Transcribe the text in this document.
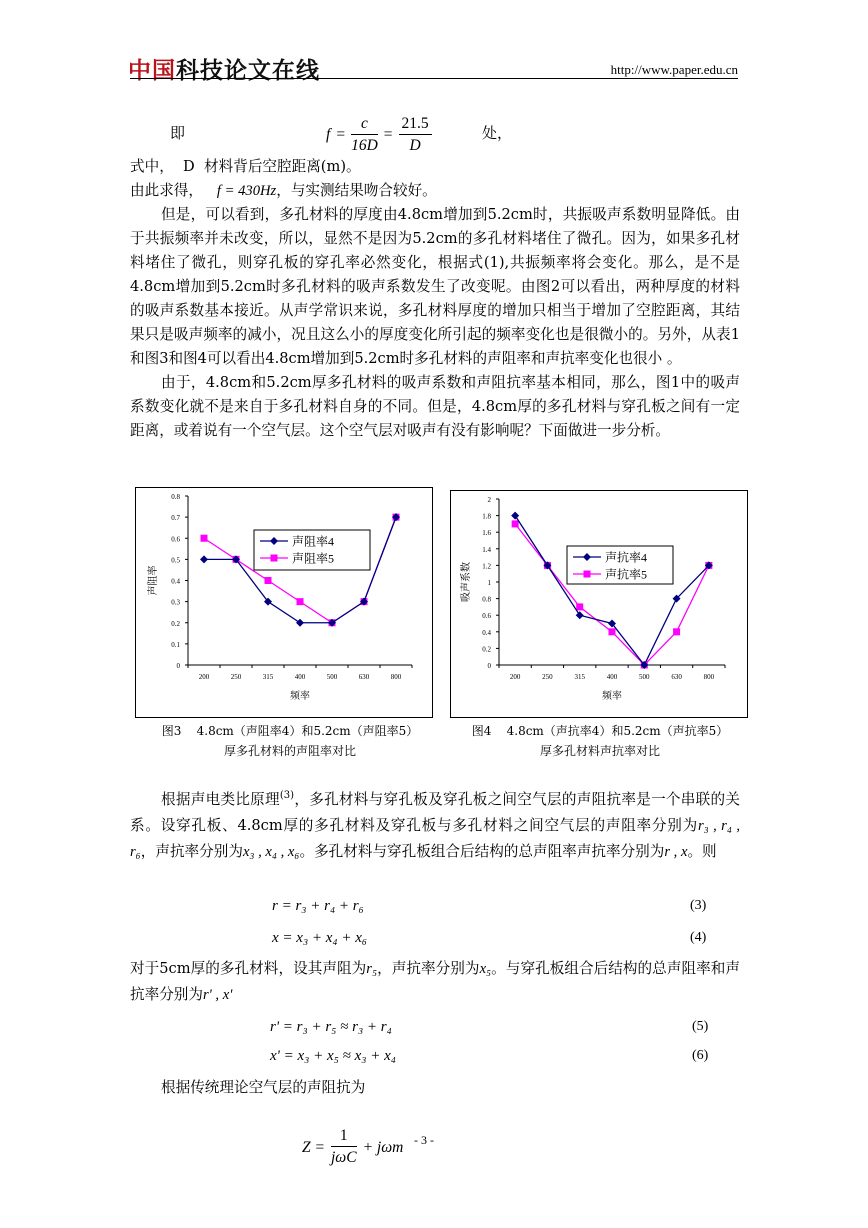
中国科技论文在线	http://www.paper.edu.cn
即	$f = \frac{c}{16D} = \frac{21.5}{D}$	处，

式中，  D  材料背后空腔距离(m)。

由此求得， f = 430Hz，与实测结果吻合较好。

但是，可以看到，多孔材料的厚度由4.8cm增加到5.2cm时，共振吸声系数明显降低。由于共振频率并未改变，所以，显然不是因为5.2cm的多孔材料堵住了微孔。因为，如果多孔材料堵住了微孔，则穿孔板的穿孔率必然变化，根据式(1),共振频率将会变化。那么，是不是 4.8cm增加到5.2cm时多孔材料的吸声系数发生了改变呢。由图2可以看出，两种厚度的材料的吸声系数基本接近。从声学常识来说，多孔材料厚度的增加只相当于增加了空腔距离，其结果只是吸声频率的减小，况且这么小的厚度变化所引起的频率变化也是很微小的。另外，从表1和图3和图4可以看出4.8cm增加到5.2cm时多孔材料的声阻率和声抗率变化也很小 。

由于，4.8cm和5.2cm厚多孔材料的吸声系数和声阻抗率基本相同，那么，图1中的吸声系数变化就不是来自于多孔材料自身的不同。但是，4.8cm厚的多孔材料与穿孔板之间有一定距离，或着说有一个空气层。这个空气层对吸声有没有影响呢？下面做进一步分析。

0
0.1
0.2
0.3
0.4
0.5
0.6
0.7
0.8
200	250	315	400	500	630	800
频率
声阻率
声阻率4
声阻率5
图3    4.8cm（声阻率4）和5.2cm（声阻率5）
厚多孔材料的声阻率对比
0
0.2
0.4
0.6
0.8
1
1.2
1.4
1.6
1.8
2
200	250	315	400	500	630	800
频率
吸声系数
声抗率4
声抗率5
图4    4.8cm（声抗率4）和5.2cm（声抗率5）
厚多孔材料声抗率对比

根据声电类比原理$^{(3)}$，多孔材料与穿孔板及穿孔板之间空气层的声阻抗率是一个串联的关系。设穿孔板、4.8cm厚的多孔材料及穿孔板与多孔材料之间空气层的声阻率分别为r₃ , r₄ , r₆，声抗率分别为x₃ , x₄ , x₆。多孔材料与穿孔板组合后结构的总声阻率声抗率分别为r , x。则

r = r₃ + r₄ + r₆	(3)
x = x₃ + x₄ + x₆	(4)

对于5cm厚的多孔材料，设其声阻为r₅，声抗率分别为x₅。与穿孔板组合后结构的总声阻率和声抗率分别为r' , x'

r' = r₃ + r₅ ≈ r₃ + r₄	(5)
x' = x₃ + x₅ ≈ x₃ + x₄	(6)

根据传统理论空气层的声阻抗为

$Z = \frac{1}{\text{jωC}} + j\omega m - 3$ -
